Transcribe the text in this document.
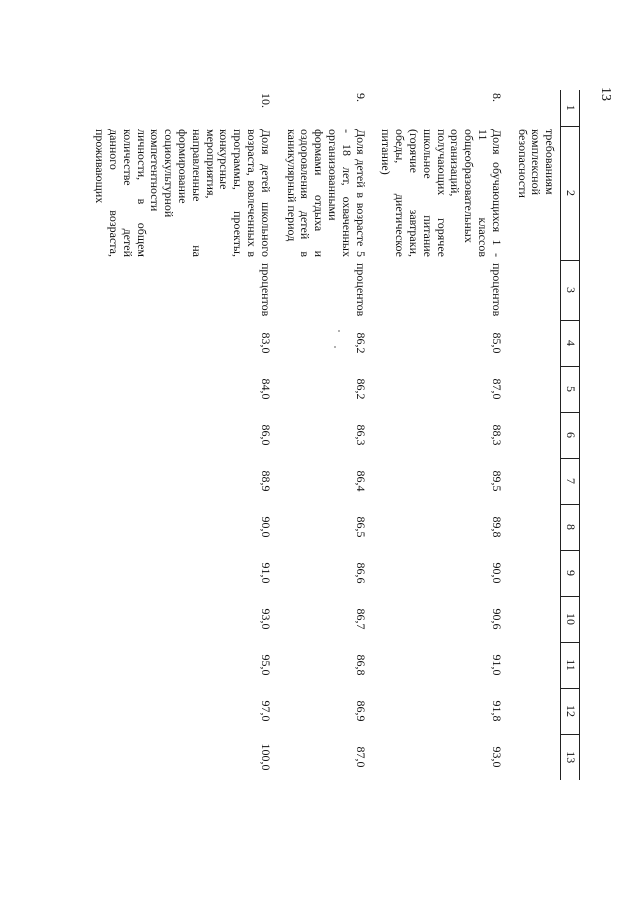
13
1	2	3	4	5	6	7	8	9	10	11	12	13
	требованиям комплексной безопасности											
8.	Доля обучающихся 1 - 11 классов общеобразовательных организаций, получающих горячее школьное питание (горячие завтраки, обеды, диетическое питание)	процентов	85,0	87,0	88,3	89,5	89,8	90,0	90,6	91,0	91,8	93,0
9.	Доля детей в возрасте 5 - 18 лет, охваченных организованными формами отдыха и оздоровления детей в каникулярный период	процентов	86,2	86,2	86,3	86,4	86,5	86,6	86,7	86,8	86,9	87,0
10.	Доля детей школьного возраста, вовлеченных в программы, проекты, конкурсные мероприятия, направленные на формирование социокультурной компетентности личности, в общем количестве детей данного возраста, проживающих	процентов	83,0	84,0	86,0	88,9	90,0	91,0	93,0	95,0	97,0	100,0
